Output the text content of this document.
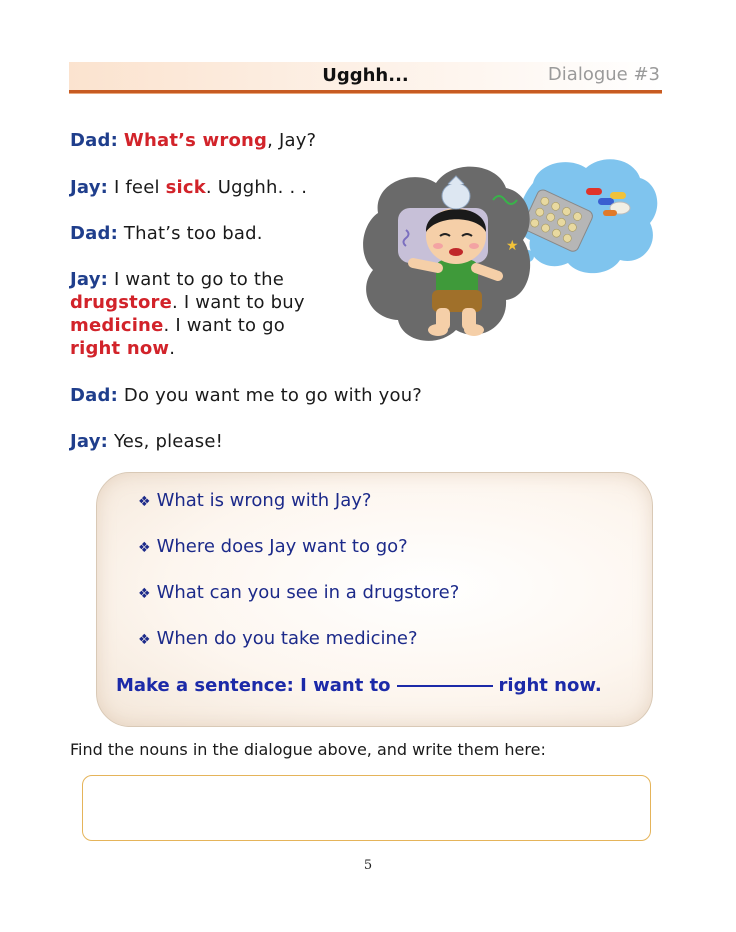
Ugghh...	Dialogue #3
Dad: What’s wrong, Jay?
Jay: I feel sick. Ugghh. . .
Dad: That’s too bad.
Jay: I want to go to the
drugstore. I want to buy
medicine. I want to go
right now.
Dad: Do you want me to go with you?
Jay: Yes, please!
★
❖ What is wrong with Jay?
❖ Where does Jay want to go?
❖ What can you see in a drugstore?
❖ When do you take medicine?
Make a sentence: I want to	right now.
Find the nouns in the dialogue above, and write them here:
5
